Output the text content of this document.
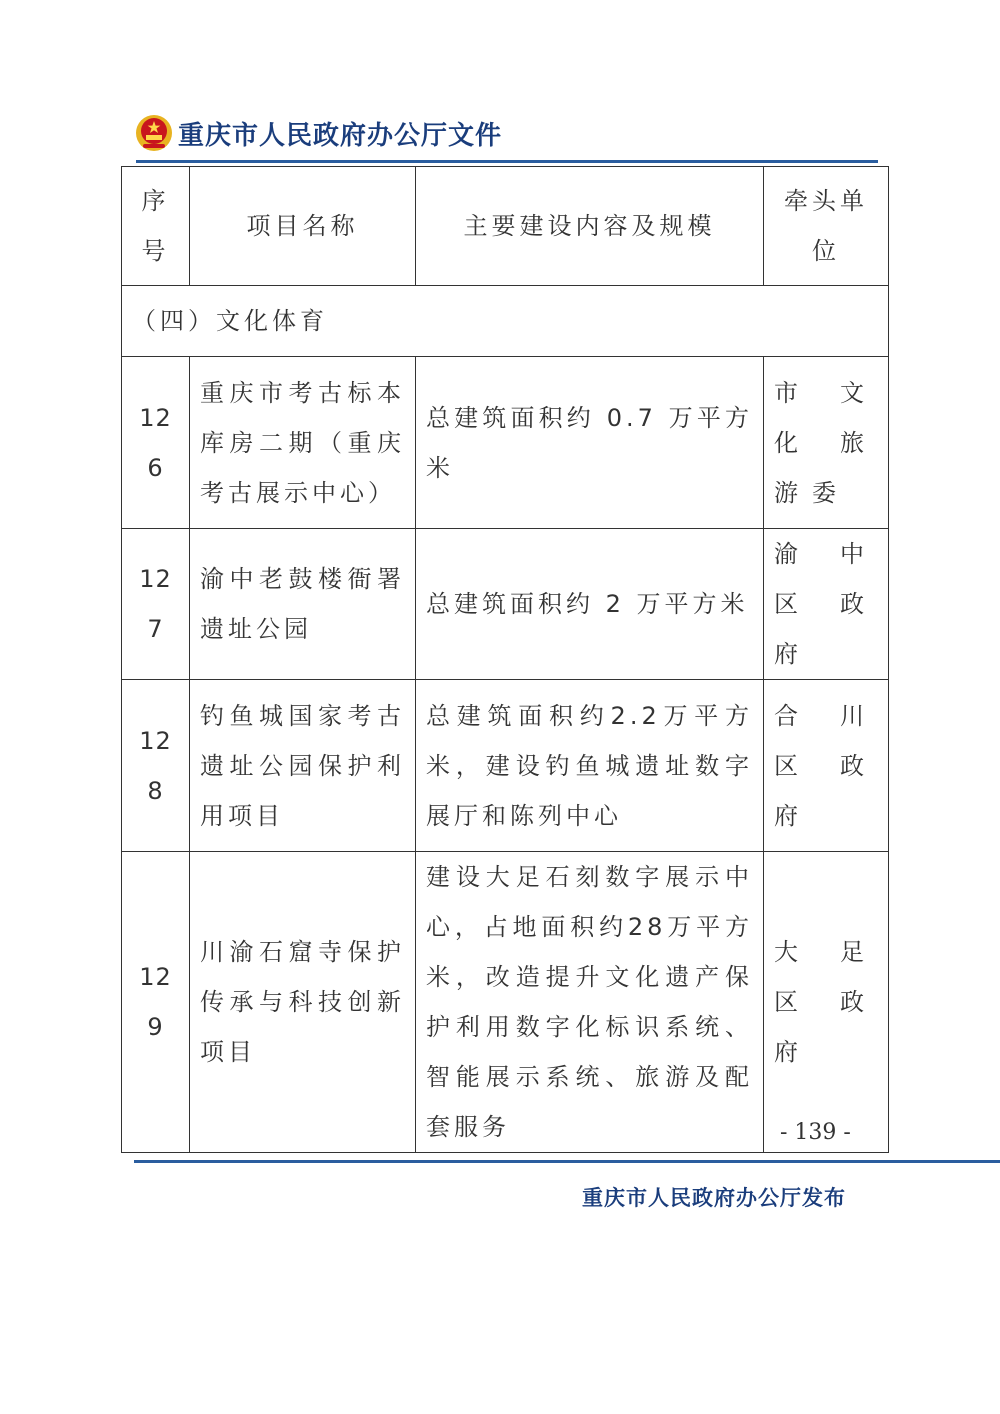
重庆市人民政府办公厅文件
序号	项目名称	主要建设内容及规模	牵头单位
（四）文化体育			
126	重庆市考古标本库房二期（重庆考古展示中心）	总建筑面积约 0.7 万平方米	市文化旅游委
127	渝中老鼓楼衙署遗址公园	总建筑面积约 2 万平方米	渝中区政府
128	钓鱼城国家考古遗址公园保护利用项目	总建筑面积约2.2万平方米，建设钓鱼城遗址数字展厅和陈列中心	合川区政府
129	川渝石窟寺保护传承与科技创新项目	建设大足石刻数字展示中心，占地面积约28万平方米，改造提升文化遗产保护利用数字化标识系统、智能展示系统、旅游及配套服务	大足区政府
- 139 -
重庆市人民政府办公厅发布
